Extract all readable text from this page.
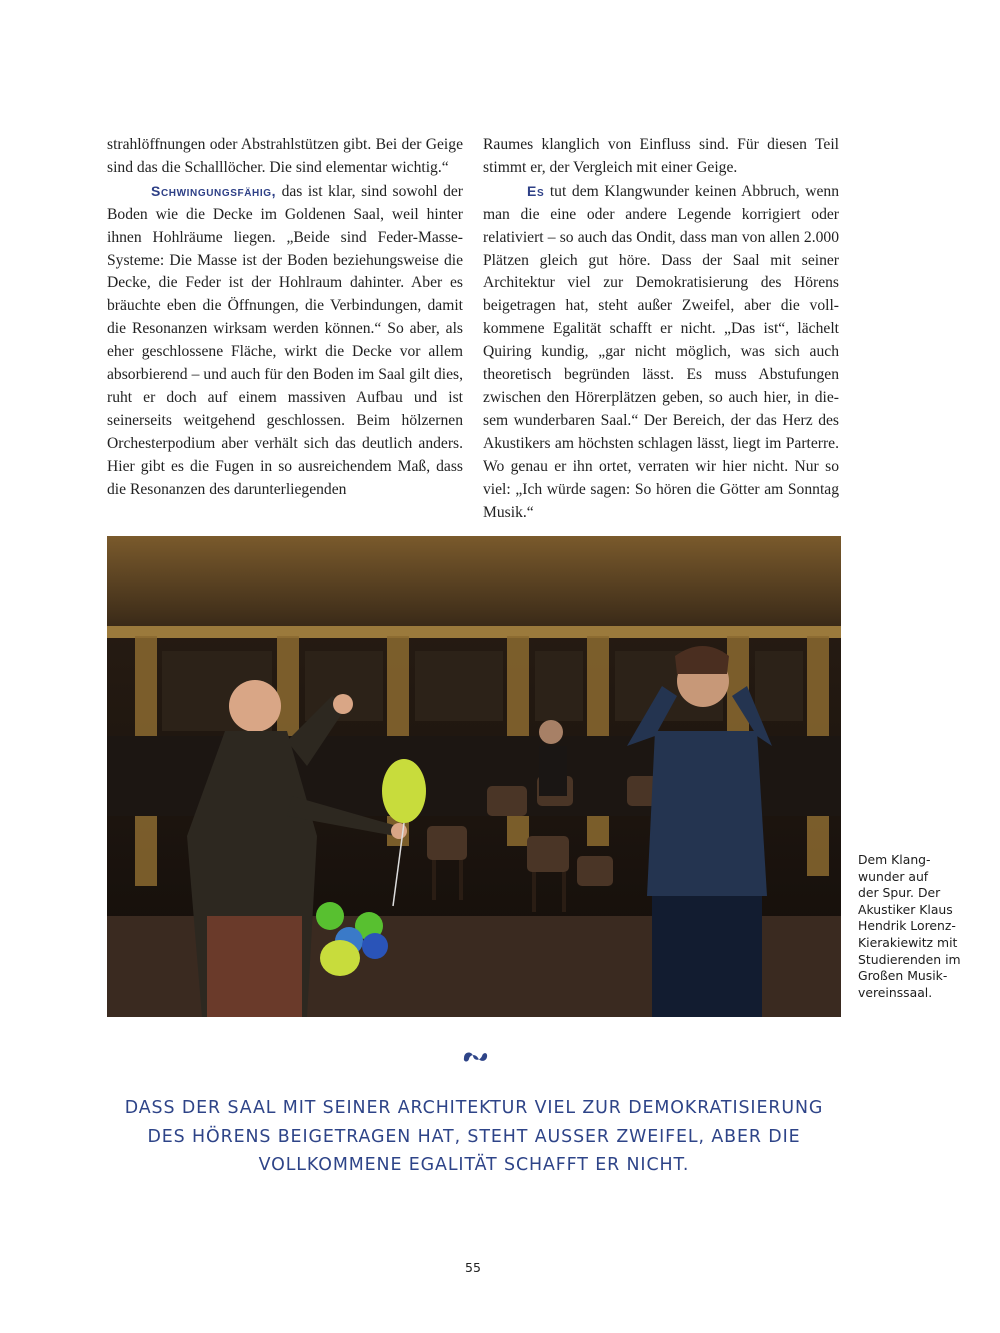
strahlöffnungen oder Abstrahlstützen gibt. Bei der Geige sind das die Schalllöcher. Die sind elementar wichtig.“

Schwingungsfähig, das ist klar, sind sowohl der Boden wie die Decke im Goldenen Saal, weil hinter ihnen Hohlräume liegen. „Beide sind Feder-Masse-Systeme: Die Masse ist der Boden beziehungsweise die Decke, die Feder ist der Hohlraum dahinter. Aber es bräuchte eben die Öffnungen, die Verbindungen, damit die Resonanzen wirksam werden können.“ So aber, als eher geschlossene Fläche, wirkt die Decke vor allem absorbierend – und auch für den Boden im Saal gilt dies, ruht er doch auf einem massiven Aufbau und ist seinerseits weitgehend geschlossen. Beim hölzernen Orchesterpodium aber verhält sich das deutlich anders. Hier gibt es die Fugen in so ausreichendem Maß, dass die Resonanzen des darunterliegenden

Raumes klanglich von Einfluss sind. Für diesen Teil stimmt er, der Vergleich mit einer Geige.

Es tut dem Klangwunder keinen Abbruch, wenn man die eine oder andere Legende korrigiert oder relativiert – so auch das Ondit, dass man von allen 2.000 Plätzen gleich gut höre. Dass der Saal mit seiner Architektur viel zur Demokratisierung des Hörens beigetragen hat, steht außer Zweifel, aber die vollkommene Egalität schafft er nicht. „Das ist“, lächelt Quiring kundig, „gar nicht möglich, was sich auch theoretisch begründen lässt. Es muss Abstufungen zwischen den Hörerplätzen geben, so auch hier, in diesem wunderbaren Saal.“ Der Bereich, der das Herz des Akustikers am höchsten schlagen lässt, liegt im Parterre. Wo genau er ihn ortet, verraten wir hier nicht. Nur so viel: „Ich würde sagen: So hören die Götter am Sonntag Musik.“

Dem Klang-
wunder auf
der Spur. Der
Akustiker Klaus
Hendrik Lorenz-
Kierakiewitz mit
Studierenden im
Großen Musik-
vereinssaal.
DASS DER SAAL MIT SEINER ARCHITEKTUR VIEL ZUR DEMOKRATISIERUNG DES HÖRENS BEIGETRAGEN HAT, STEHT AUSSER ZWEIFEL, ABER DIE VOLLKOMMENE EGALITÄT SCHAFFT ER NICHT.
55
